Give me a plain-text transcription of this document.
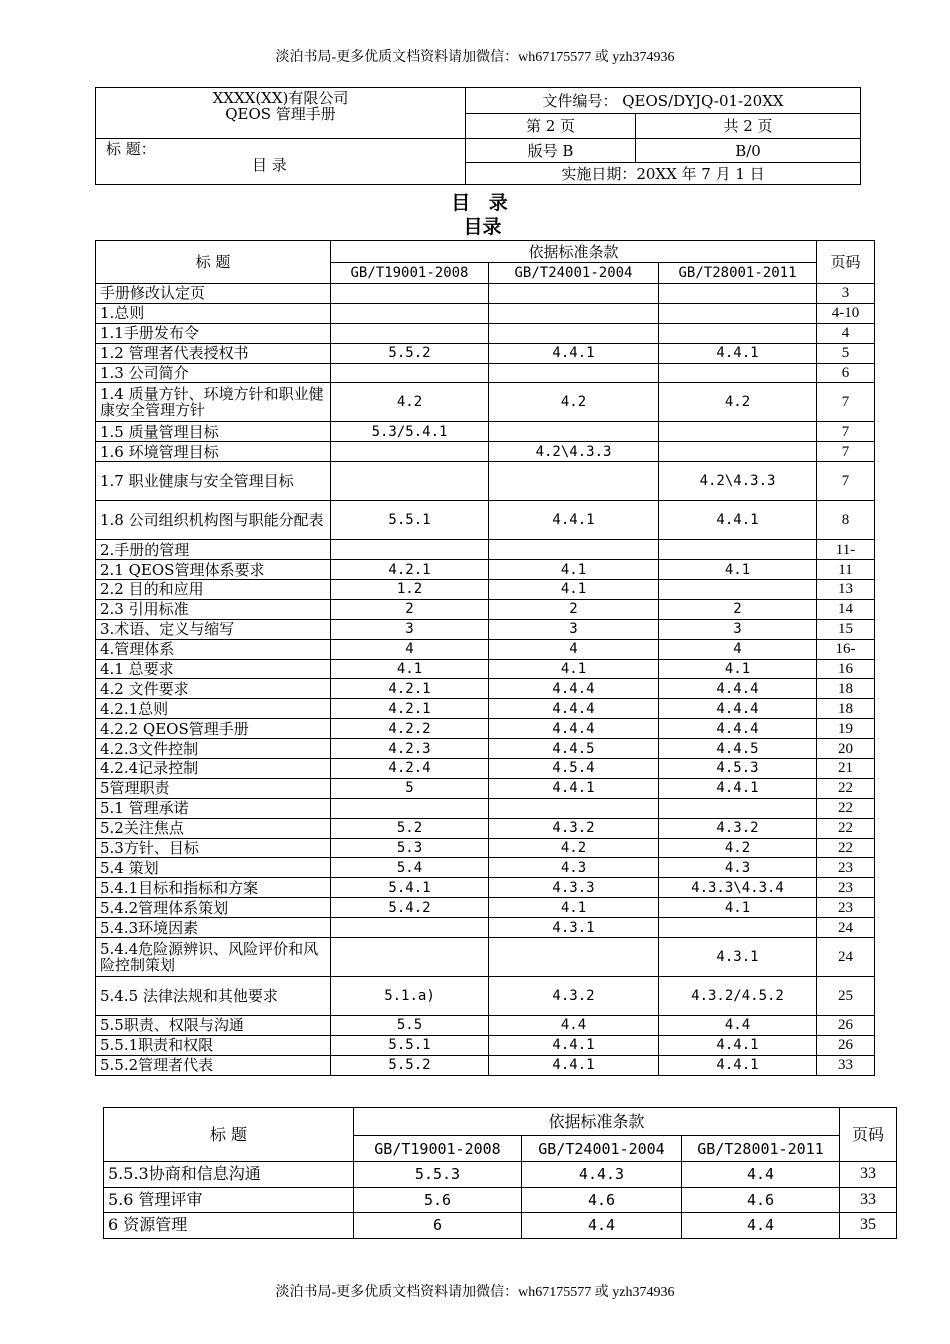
淡泊书局-更多优质文档资料请加微信：wh67175577 或 yzh374936
XXXX(XX)有限公司
QEOS 管理手册	文件编号： QEOS/DYJQ-01-20XX	
	第 2 页	共 2 页

标 题：
目 录	版号 B	B/0
	实施日期：20XX 年 7 月 1 日	
目 录
目录
标 题	依据标准条款			页码
	GB/T19001-2008	GB/T24001-2004	GB/T28001-2011	
手册修改认定页				3
1.总则				4-10
1.1手册发布令				4
1.2 管理者代表授权书	5.5.2	4.4.1	4.4.1	5
1.3 公司简介				6
1.4 质量方针、环境方针和职业健康安全管理方针	4.2	4.2	4.2	7
1.5 质量管理目标	5.3/5.4.1			7
1.6 环境管理目标		4.2\4.3.3		7
1.7 职业健康与安全管理目标			4.2\4.3.3	7
1.8 公司组织机构图与职能分配表	5.5.1	4.4.1	4.4.1	8
2.手册的管理				11-
2.1 QEOS管理体系要求	4.2.1	4.1	4.1	11
2.2 目的和应用	1.2	4.1		13
2.3 引用标准	2	2	2	14
3.术语、定义与缩写	3	3	3	15
4.管理体系	4	4	4	16-
4.1 总要求	4.1	4.1	4.1	16
4.2 文件要求	4.2.1	4.4.4	4.4.4	18
4.2.1总则	4.2.1	4.4.4	4.4.4	18
4.2.2 QEOS管理手册	4.2.2	4.4.4	4.4.4	19
4.2.3文件控制	4.2.3	4.4.5	4.4.5	20
4.2.4记录控制	4.2.4	4.5.4	4.5.3	21
5管理职责	5	4.4.1	4.4.1	22
5.1 管理承诺				22
5.2关注焦点	5.2	4.3.2	4.3.2	22
5.3方针、目标	5.3	4.2	4.2	22
5.4 策划	5.4	4.3	4.3	23
5.4.1目标和指标和方案	5.4.1	4.3.3	4.3.3\4.3.4	23
5.4.2管理体系策划	5.4.2	4.1	4.1	23
5.4.3环境因素		4.3.1		24
5.4.4危险源辨识、风险评价和风险控制策划			4.3.1	24
5.4.5 法律法规和其他要求	5.1.a)	4.3.2	4.3.2/4.5.2	25
5.5职责、权限与沟通	5.5	4.4	4.4	26
5.5.1职责和权限	5.5.1	4.4.1	4.4.1	26
5.5.2管理者代表	5.5.2	4.4.1	4.4.1	33
标 题	依据标准条款			页码
	GB/T19001-2008	GB/T24001-2004	GB/T28001-2011	
5.5.3协商和信息沟通	5.5.3	4.4.3	4.4	33
5.6 管理评审	5.6	4.6	4.6	33
6 资源管理	6	4.4	4.4	35
淡泊书局-更多优质文档资料请加微信：wh67175577 或 yzh374936
